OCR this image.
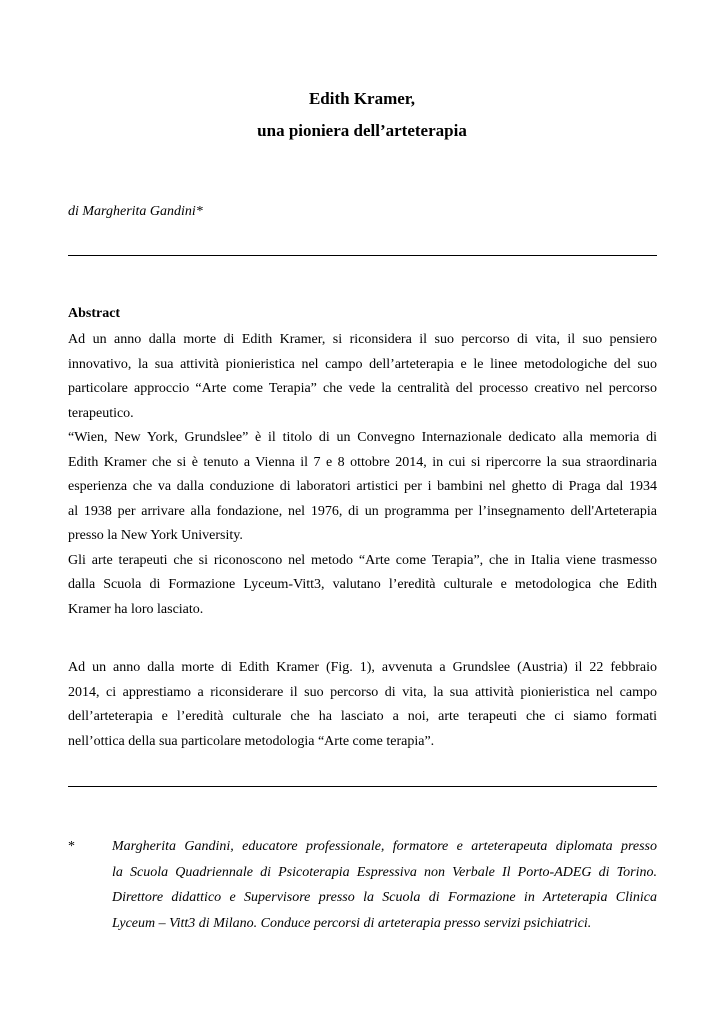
Edith Kramer,
una pioniera dell’arteterapia
di Margherita Gandini*
Abstract
Ad un anno dalla morte di Edith Kramer, si riconsidera il suo percorso di vita, il suo pensiero
innovativo, la sua attività pionieristica nel campo dell’arteterapia e le linee metodologiche del suo
particolare approccio “Arte come Terapia” che vede la centralità del processo creativo nel percorso
terapeutico.
“Wien, New York, Grundslee” è il titolo di un Convegno Internazionale dedicato alla memoria di
Edith Kramer che si è tenuto a Vienna il 7 e 8 ottobre 2014, in cui si ripercorre la sua straordinaria
esperienza che va dalla conduzione di laboratori artistici per i bambini nel ghetto di Praga dal 1934
al 1938 per arrivare alla fondazione, nel 1976, di un programma per l’insegnamento dell'Arteterapia
presso la New York University.
Gli arte terapeuti che si riconoscono nel metodo “Arte come Terapia”, che in Italia viene trasmesso
dalla Scuola di Formazione Lyceum-Vitt3, valutano l’eredità culturale e metodologica che Edith
Kramer ha loro lasciato.
Ad un anno dalla morte di Edith Kramer (Fig. 1), avvenuta a Grundslee (Austria) il 22 febbraio
2014, ci apprestiamo a riconsiderare il suo percorso di vita, la sua attività pionieristica nel campo
dell’arteterapia e l’eredità culturale che ha lasciato a noi, arte terapeuti che ci siamo formati
nell’ottica della sua particolare metodologia “Arte come terapia”.
*	Margherita Gandini, educatore professionale, formatore e arteterapeuta diplomata presso
la Scuola Quadriennale di Psicoterapia Espressiva non Verbale Il Porto-ADEG di Torino.
Direttore didattico e Supervisore presso la Scuola di Formazione in Arteterapia Clinica
Lyceum – Vitt3 di Milano. Conduce percorsi di arteterapia presso servizi psichiatrici.
